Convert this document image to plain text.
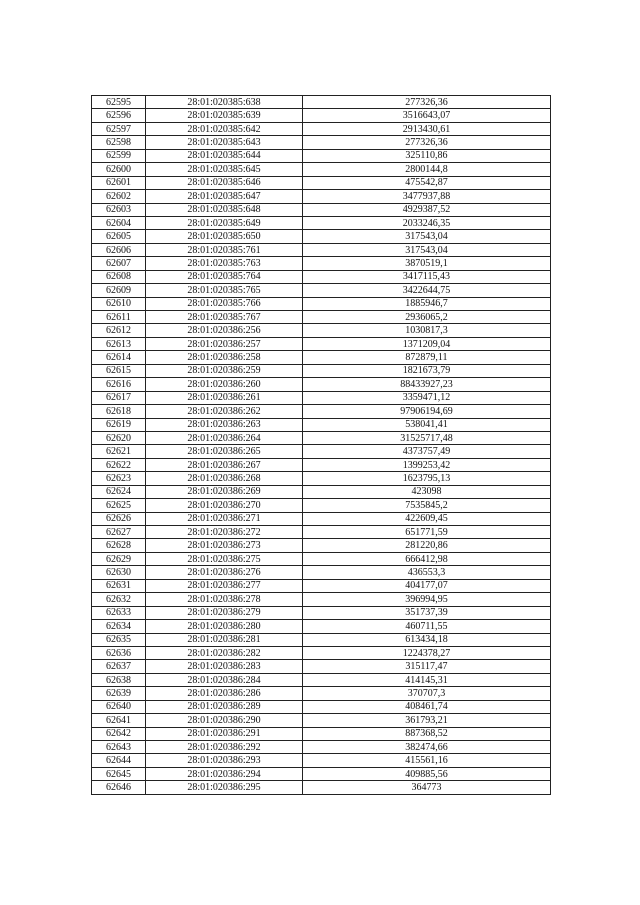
62595	28:01:020385:638	277326,36
62596	28:01:020385:639	3516643,07
62597	28:01:020385:642	2913430,61
62598	28:01:020385:643	277326,36
62599	28:01:020385:644	325110,86
62600	28:01:020385:645	2800144,8
62601	28:01:020385:646	475542,87
62602	28:01:020385:647	3477937,88
62603	28:01:020385:648	4929387,52
62604	28:01:020385:649	2033246,35
62605	28:01:020385:650	317543,04
62606	28:01:020385:761	317543,04
62607	28:01:020385:763	3870519,1
62608	28:01:020385:764	3417115,43
62609	28:01:020385:765	3422644,75
62610	28:01:020385:766	1885946,7
62611	28:01:020385:767	2936065,2
62612	28:01:020386:256	1030817,3
62613	28:01:020386:257	1371209,04
62614	28:01:020386:258	872879,11
62615	28:01:020386:259	1821673,79
62616	28:01:020386:260	88433927,23
62617	28:01:020386:261	3359471,12
62618	28:01:020386:262	97906194,69
62619	28:01:020386:263	538041,41
62620	28:01:020386:264	31525717,48
62621	28:01:020386:265	4373757,49
62622	28:01:020386:267	1399253,42
62623	28:01:020386:268	1623795,13
62624	28:01:020386:269	423098
62625	28:01:020386:270	7535845,2
62626	28:01:020386:271	422609,45
62627	28:01:020386:272	651771,59
62628	28:01:020386:273	281220,86
62629	28:01:020386:275	666412,98
62630	28:01:020386:276	436553,3
62631	28:01:020386:277	404177,07
62632	28:01:020386:278	396994,95
62633	28:01:020386:279	351737,39
62634	28:01:020386:280	460711,55
62635	28:01:020386:281	613434,18
62636	28:01:020386:282	1224378,27
62637	28:01:020386:283	315117,47
62638	28:01:020386:284	414145,31
62639	28:01:020386:286	370707,3
62640	28:01:020386:289	408461,74
62641	28:01:020386:290	361793,21
62642	28:01:020386:291	887368,52
62643	28:01:020386:292	382474,66
62644	28:01:020386:293	415561,16
62645	28:01:020386:294	409885,56
62646	28:01:020386:295	364773
